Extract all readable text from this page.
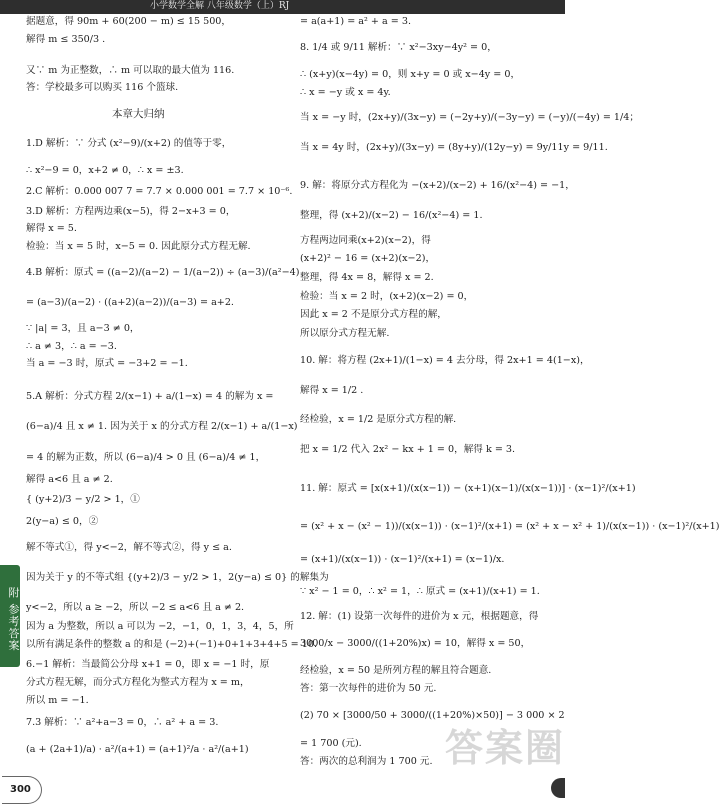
小学数学全解 八年级数学（上）RJ
据题意，得 90m + 60(200 − m) ≤ 15 500，
解得 m ≤ 350/3 .
又∵ m 为正整数，∴ m 可以取的最大值为 116.
答：学校最多可以购买 116 个篮球.
1.D 解析：∵ 分式 (x²−9)/(x+2) 的值等于零，
∴ x²−9 = 0，x+2 ≠ 0，∴ x = ±3.
2.C 解析：0.000 007 7 = 7.7 × 0.000 001 = 7.7 × 10⁻⁶.
3.D 解析：方程两边乘(x−5)，得 2−x+3 = 0，
解得 x = 5.
检验：当 x = 5 时，x−5 = 0. 因此原分式方程无解.
4.B 解析：原式 = ((a−2)/(a−2) − 1/(a−2)) ÷ (a−3)/(a²−4)
= (a−3)/(a−2) · ((a+2)(a−2))/(a−3) = a+2.
∵ |a| = 3，且 a−3 ≠ 0，
∴ a ≠ 3，∴ a = −3.
当 a = −3 时，原式 = −3+2 = −1.
5.A 解析：分式方程 2/(x−1) + a/(1−x) = 4 的解为 x =
(6−a)/4 且 x ≠ 1. 因为关于 x 的分式方程 2/(x−1) + a/(1−x)
= 4 的解为正数，所以 (6−a)/4 > 0 且 (6−a)/4 ≠ 1，
解得 a<6 且 a ≠ 2.
{ (y+2)/3 − y/2 > 1，①
2(y−a) ≤ 0，②
解不等式①，得 y<−2，解不等式②，得 y ≤ a.
因为关于 y 的不等式组 {(y+2)/3 − y/2 > 1，2(y−a) ≤ 0} 的解集为
y<−2，所以 a ≥ −2，所以 −2 ≤ a<6 且 a ≠ 2.
因为 a 为整数，所以 a 可以为 −2，−1，0，1，3，4，5，所
以所有满足条件的整数 a 的和是 (−2)+(−1)+0+1+3+4+5 = 10.
6.−1 解析：当最简公分母 x+1 = 0，即 x = −1 时，原
分式方程无解，而分式方程化为整式方程为 x = m，
所以 m = −1.
7.3 解析：∵ a²+a−3 = 0，∴ a² + a = 3.
(a + (2a+1)/a) · a²/(a+1) = (a+1)²/a · a²/(a+1)
本章大归纳
= a(a+1) = a² + a = 3.
8. 1/4 或 9/11 解析：∵ x²−3xy−4y² = 0，
∴ (x+y)(x−4y) = 0，则 x+y = 0 或 x−4y = 0，
∴ x = −y 或 x = 4y.
当 x = −y 时，(2x+y)/(3x−y) = (−2y+y)/(−3y−y) = (−y)/(−4y) = 1/4；
当 x = 4y 时，(2x+y)/(3x−y) = (8y+y)/(12y−y) = 9y/11y = 9/11.
9. 解：将原分式方程化为 −(x+2)/(x−2) + 16/(x²−4) = −1，
整理，得 (x+2)/(x−2) − 16/(x²−4) = 1.
方程两边同乘(x+2)(x−2)，得
(x+2)² − 16 = (x+2)(x−2)，
整理，得 4x = 8，解得 x = 2.
检验：当 x = 2 时，(x+2)(x−2) = 0，
因此 x = 2 不是原分式方程的解，
所以原分式方程无解.
10. 解：将方程 (2x+1)/(1−x) = 4 去分母，得 2x+1 = 4(1−x)，
解得 x = 1/2 .
经检验，x = 1/2 是原分式方程的解.
把 x = 1/2 代入 2x² − kx + 1 = 0，解得 k = 3.
11. 解：原式 = [x(x+1)/(x(x−1)) − (x+1)(x−1)/(x(x−1))] · (x−1)²/(x+1)
= (x² + x − (x² − 1))/(x(x−1)) · (x−1)²/(x+1) = (x² + x − x² + 1)/(x(x−1)) · (x−1)²/(x+1)
= (x+1)/(x(x−1)) · (x−1)²/(x+1) = (x−1)/x.
∵ x² − 1 = 0，∴ x² = 1，∴ 原式 = (x+1)/(x+1) = 1.
12. 解：(1) 设第一次每件的进价为 x 元，根据题意，得
3000/x − 3000/((1+20%)x) = 10，解得 x = 50，
经检验，x = 50 是所列方程的解且符合题意.
答：第一次每件的进价为 50 元.
(2) 70 × [3000/50 + 3000/((1+20%)×50)] − 3 000 × 2
= 1 700 (元).
答：两次的总利润为 1 700 元. 答案圈
附 参考答案
300
